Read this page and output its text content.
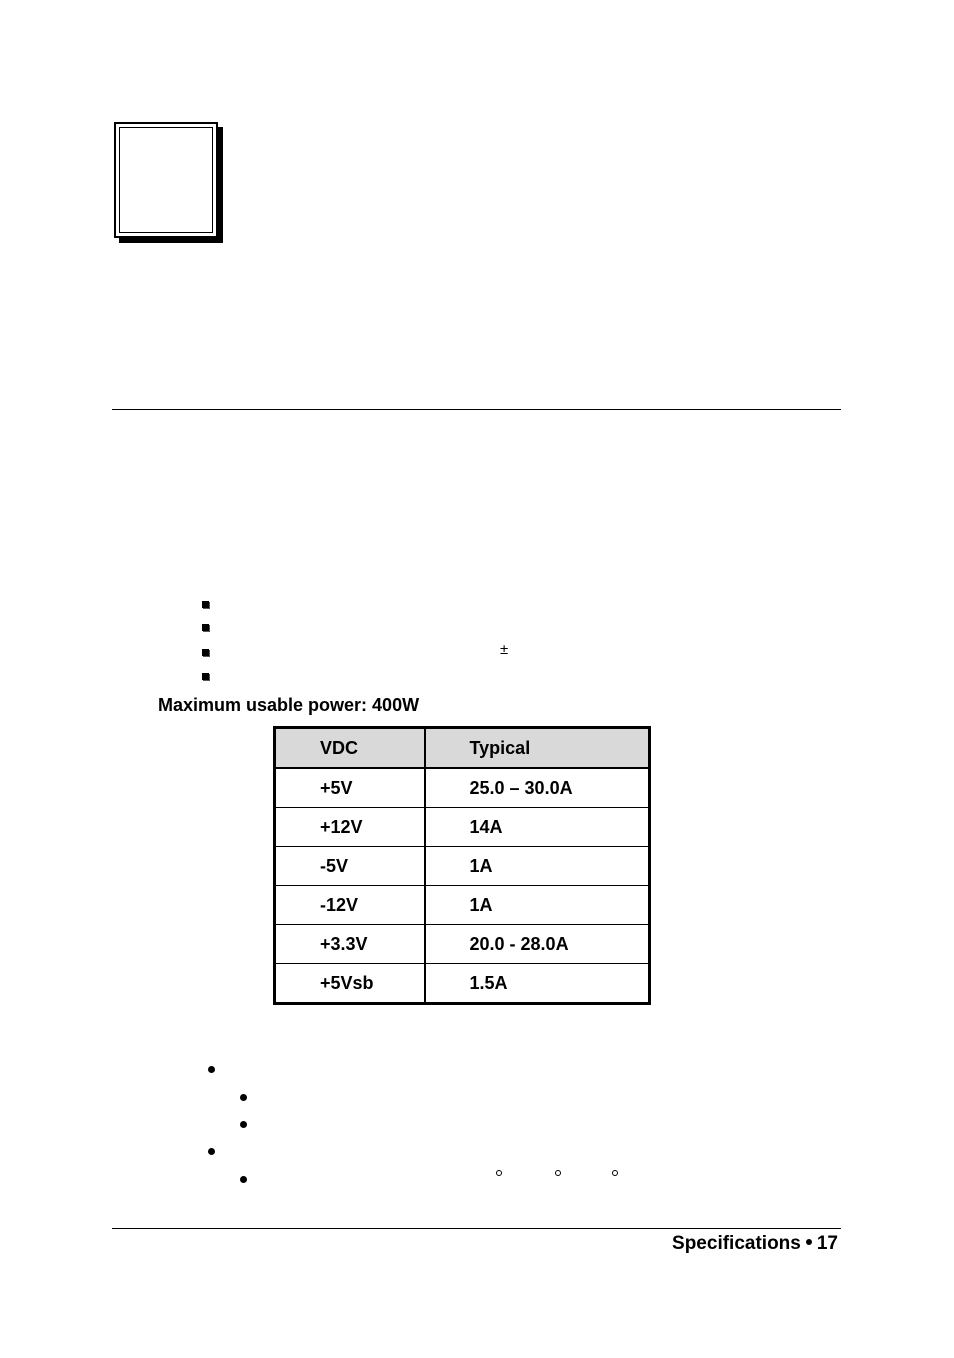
±
Maximum usable power: 400W
VDC	Typical
+5V	25.0 – 30.0A
+12V	14A
-5V	1A
-12V	1A
+3.3V	20.0 - 28.0A
+5Vsb	1.5A
Specifications 17
